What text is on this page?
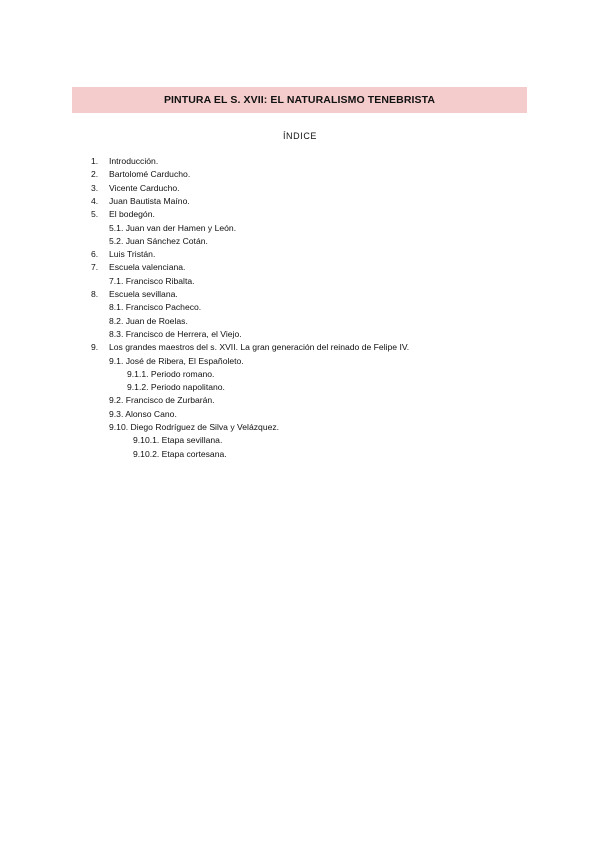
PINTURA EL S. XVII: EL NATURALISMO TENEBRISTA
ÍNDICE
1. Introducción.
2. Bartolomé Carducho.
3. Vicente Carducho.
4. Juan Bautista Maíno.
5. El bodegón.
5.1. Juan van der Hamen y León.
5.2. Juan Sánchez Cotán.
6. Luis Tristán.
7. Escuela valenciana.
7.1. Francisco Ribalta.
8. Escuela sevillana.
8.1. Francisco Pacheco.
8.2. Juan de Roelas.
8.3. Francisco de Herrera, el Viejo.
9. Los grandes maestros del s. XVII. La gran generación del reinado de Felipe IV.
9.1. José de Ribera, El Españoleto.
9.1.1. Periodo romano.
9.1.2. Periodo napolitano.
9.2. Francisco de Zurbarán.
9.3. Alonso Cano.
9.10. Diego Rodríguez de Silva y Velázquez.
9.10.1. Etapa sevillana.
9.10.2. Etapa cortesana.
